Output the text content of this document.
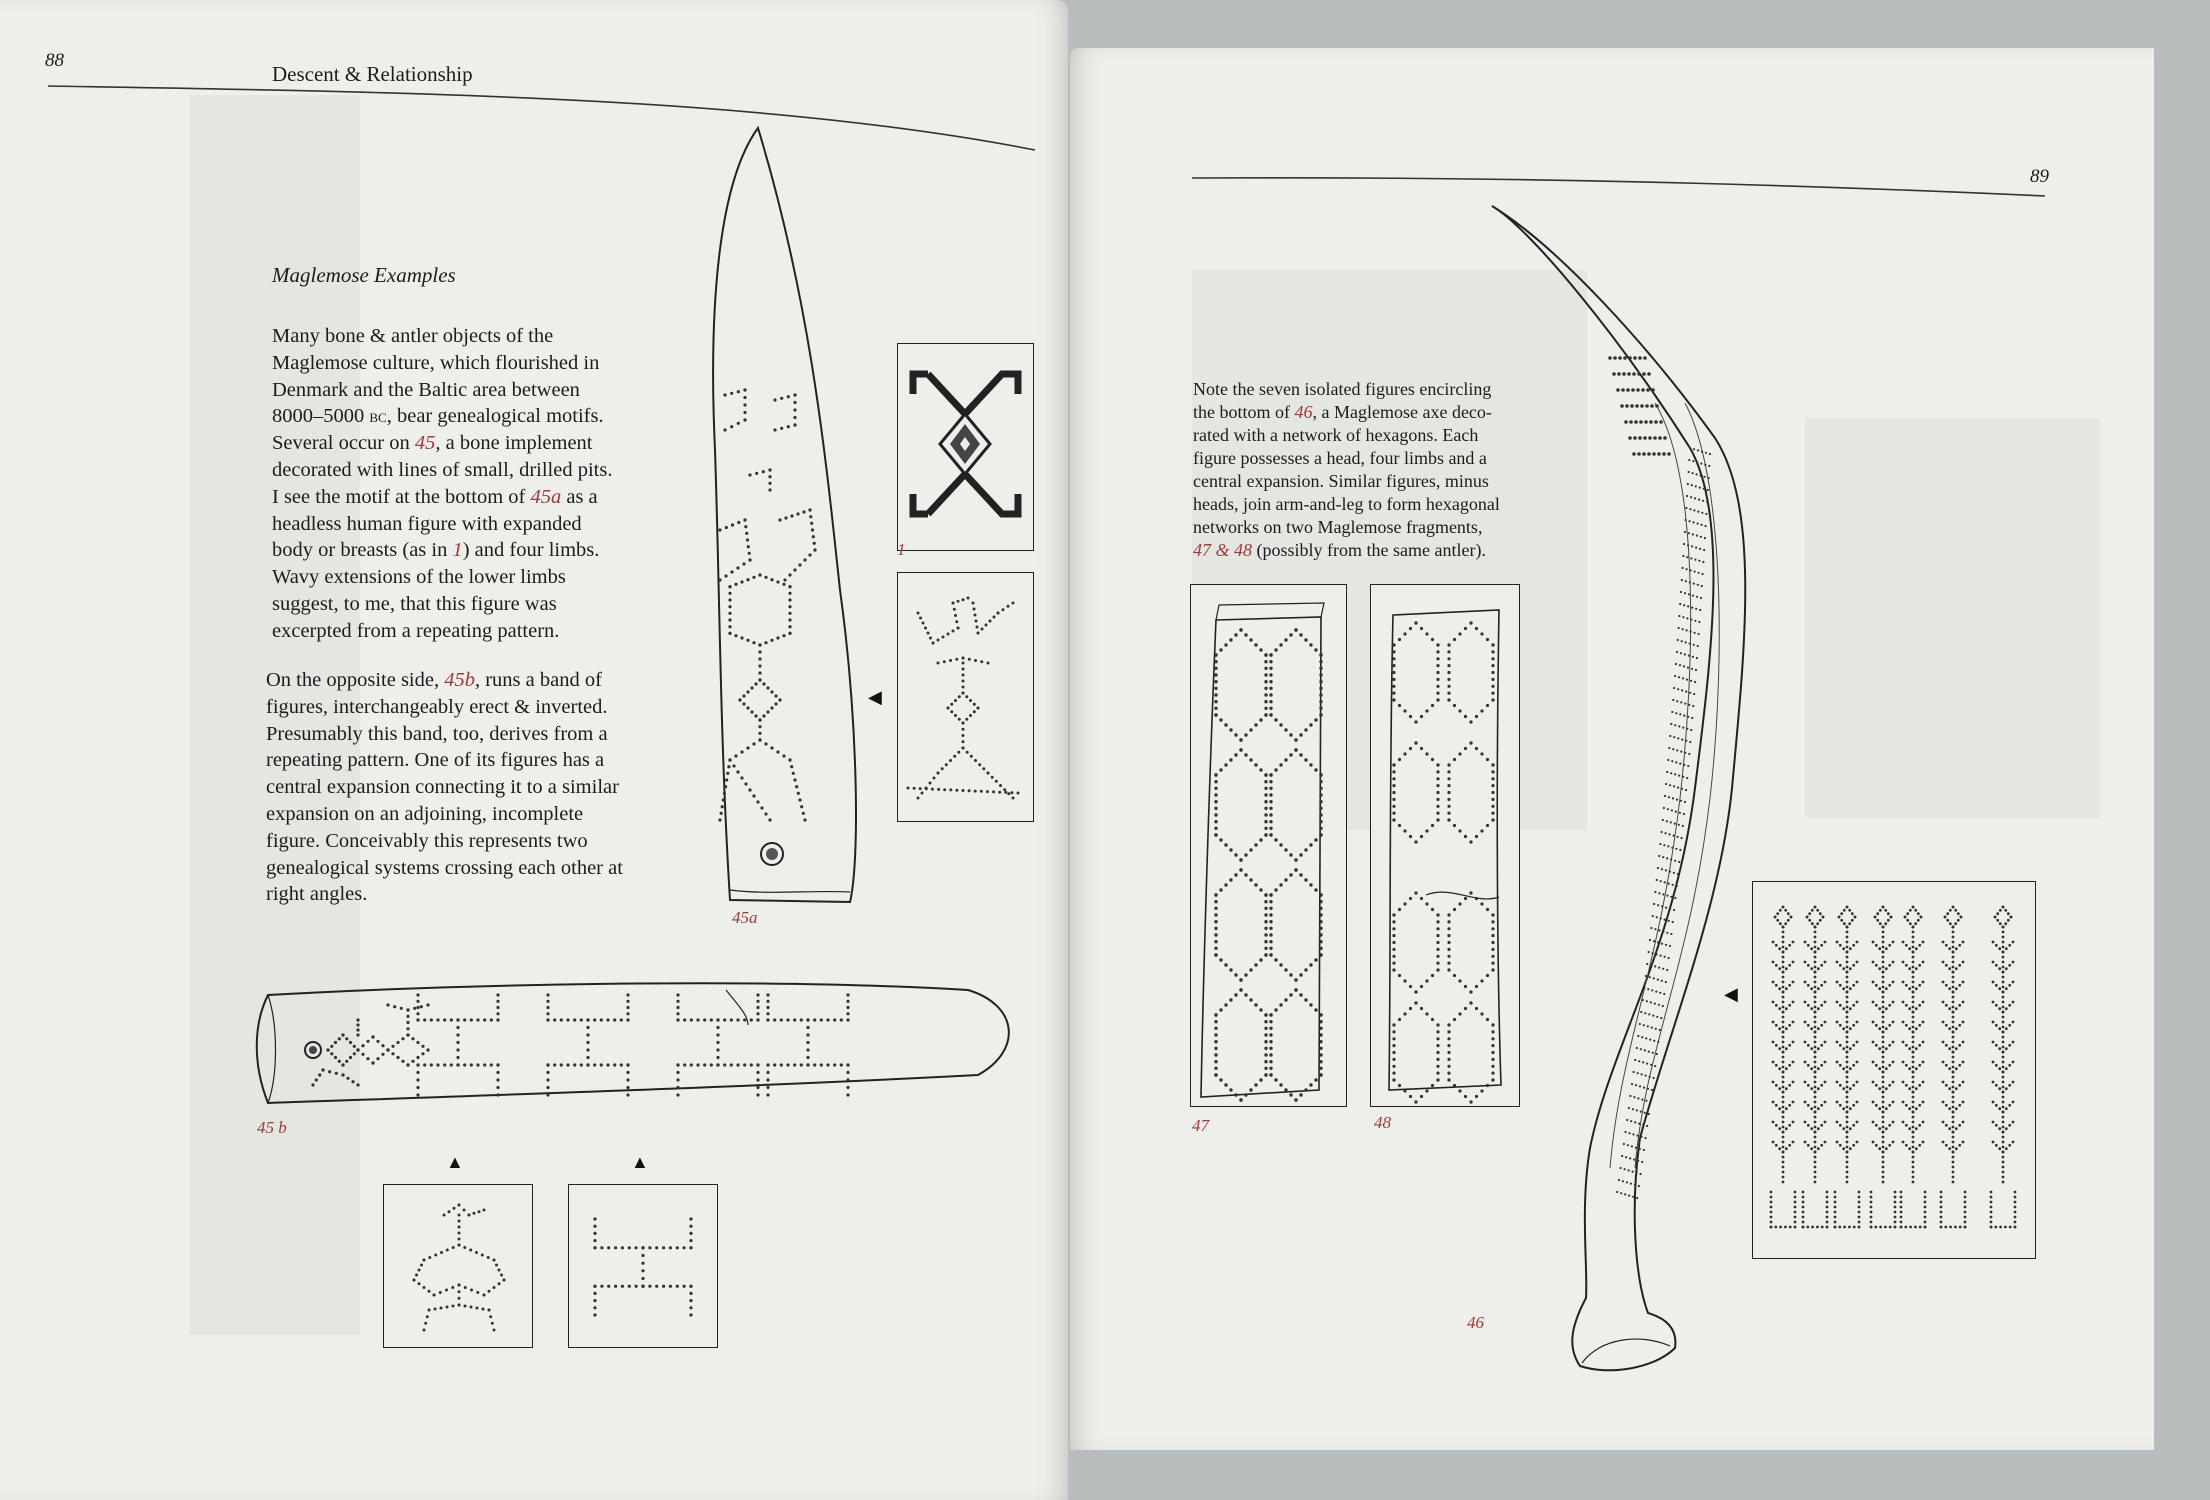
88
Descent & Relationship
Maglemose Examples
Many bone & antler objects of the
Maglemose culture, which flourished in
Denmark and the Baltic area between
8000–5000 bc, bear genealogical motifs.
Several occur on 45, a bone implement
decorated with lines of small, drilled pits.
I see the motif at the bottom of 45a as a
headless human figure with expanded
body or breasts (as in 1) and four limbs.
Wavy extensions of the lower limbs
suggest, to me, that this figure was
excerpted from a repeating pattern.
On the opposite side, 45b, runs a band of
figures, interchangeably erect & inverted.
Presumably this band, too, derives from a
repeating pattern. One of its figures has a
central expansion connecting it to a similar
expansion on an adjoining, incomplete
figure. Conceivably this represents two
genealogical systems crossing each other at
right angles.
45a
◀
1
45 b
▲	▲
89
Note the seven isolated figures encircling
the bottom of 46, a Maglemose axe deco-
rated with a network of hexagons. Each
figure possesses a head, four limbs and a
central expansion. Similar figures, minus
heads, join arm-and-leg to form hexagonal
networks on two Maglemose fragments,
47 & 48 (possibly from the same antler).
47	48
46
◀
